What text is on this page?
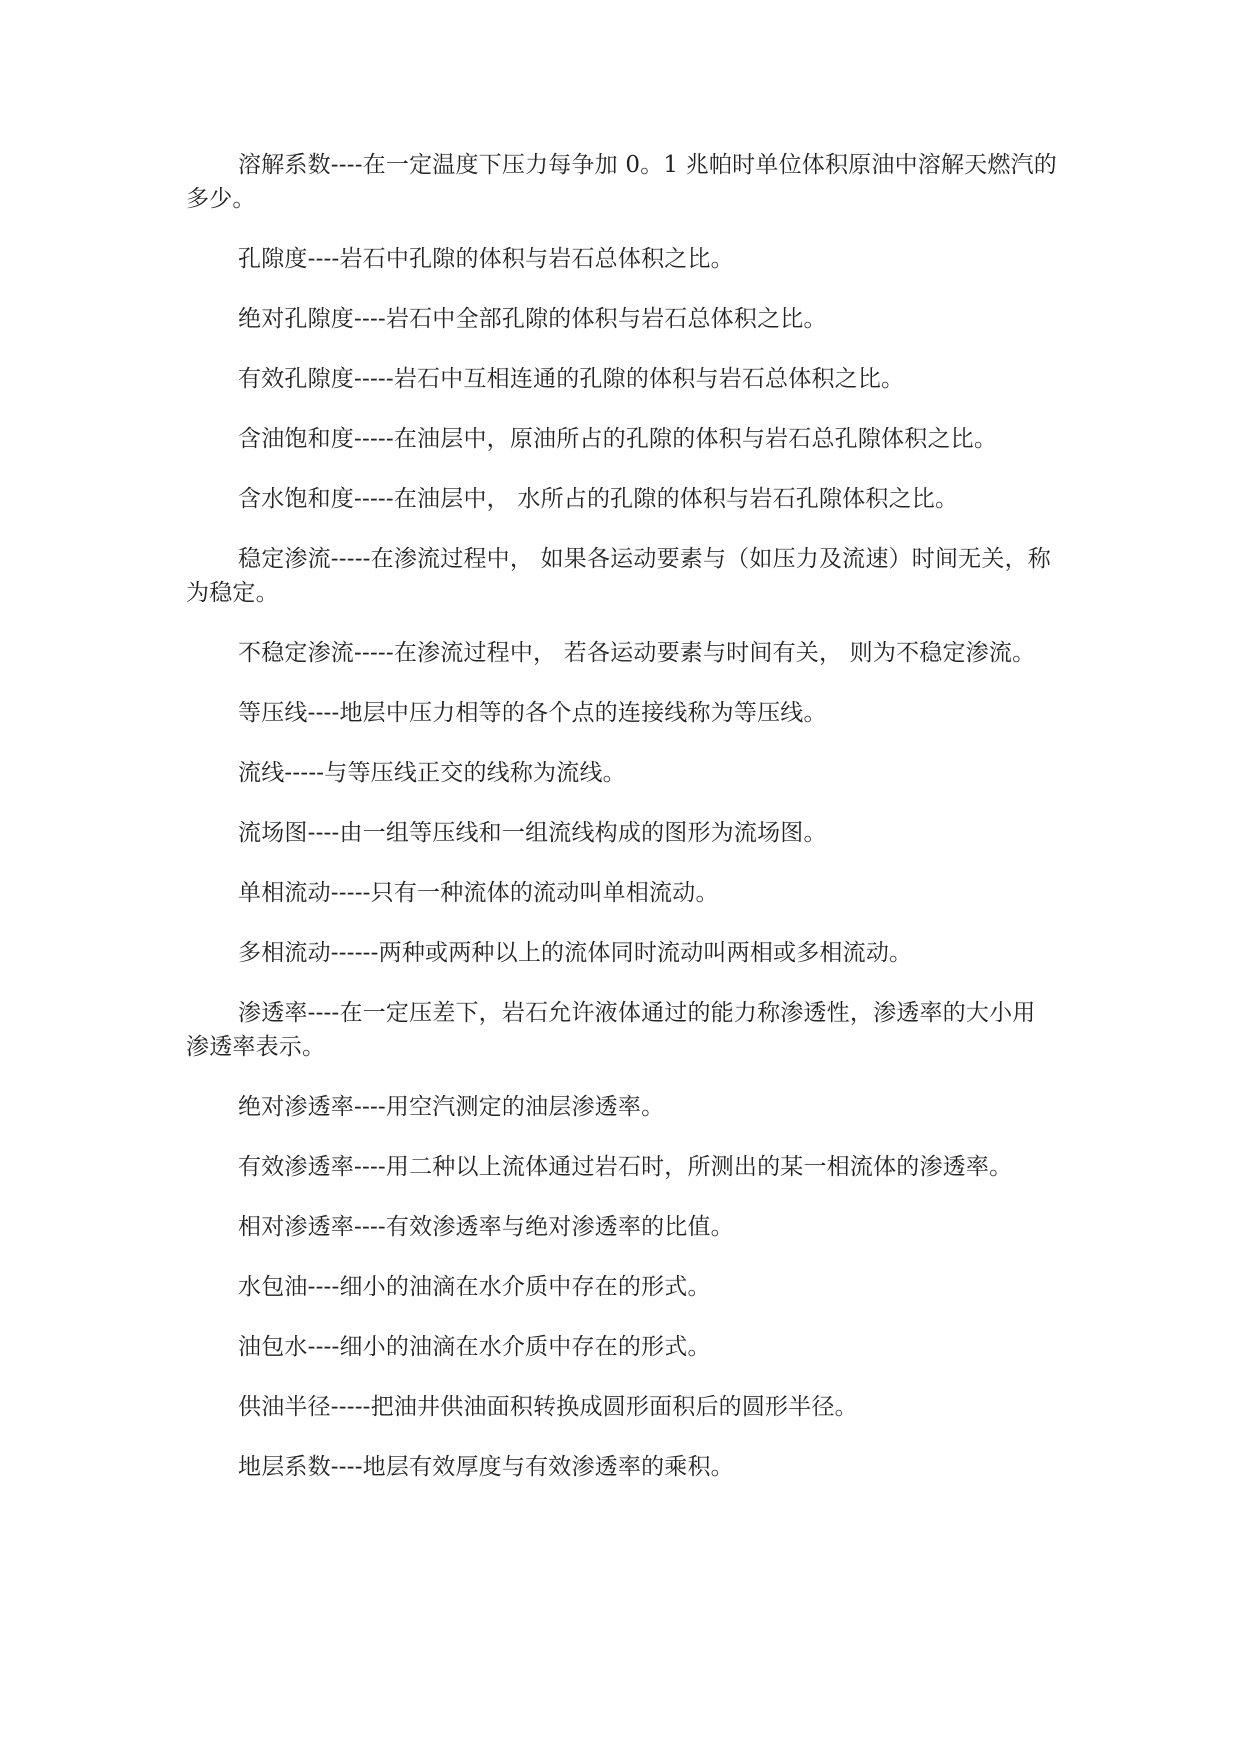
溶解系数----在一定温度下压力每争加 0。1 兆帕时单位体积原油中溶解天燃汽的多少。

孔隙度----岩石中孔隙的体积与岩石总体积之比。

绝对孔隙度----岩石中全部孔隙的体积与岩石总体积之比。

有效孔隙度-----岩石中互相连通的孔隙的体积与岩石总体积之比。

含油饱和度-----在油层中，原油所占的孔隙的体积与岩石总孔隙体积之比。

含水饱和度-----在油层中， 水所占的孔隙的体积与岩石孔隙体积之比。

稳定渗流-----在渗流过程中， 如果各运动要素与（如压力及流速）时间无关，称为稳定。

不稳定渗流-----在渗流过程中， 若各运动要素与时间有关， 则为不稳定渗流。

等压线----地层中压力相等的各个点的连接线称为等压线。

流线-----与等压线正交的线称为流线。

流场图----由一组等压线和一组流线构成的图形为流场图。

单相流动-----只有一种流体的流动叫单相流动。

多相流动------两种或两种以上的流体同时流动叫两相或多相流动。

渗透率----在一定压差下，岩石允许液体通过的能力称渗透性，渗透率的大小用渗透率表示。

绝对渗透率----用空汽测定的油层渗透率。

有效渗透率----用二种以上流体通过岩石时，所测出的某一相流体的渗透率。

相对渗透率----有效渗透率与绝对渗透率的比值。

水包油----细小的油滴在水介质中存在的形式。

油包水----细小的油滴在水介质中存在的形式。

供油半径-----把油井供油面积转换成圆形面积后的圆形半径。

地层系数----地层有效厚度与有效渗透率的乘积。
